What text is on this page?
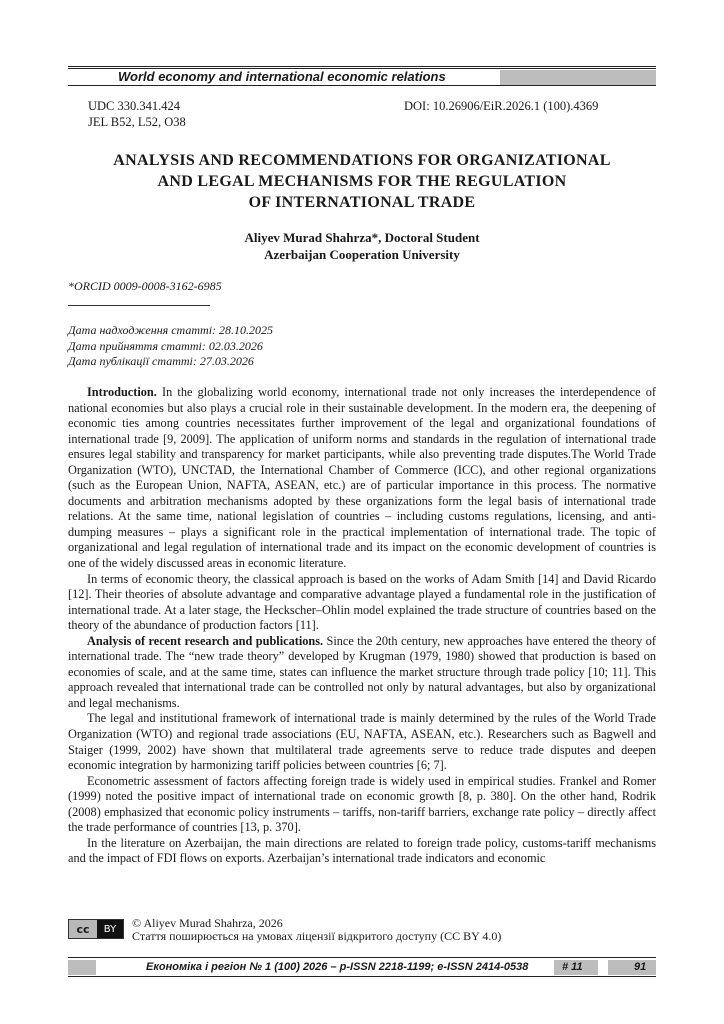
World economy and international economic relations
UDC 330.341.424
JEL B52, L52, O38
DOI: 10.26906/EiR.2026.1 (100).4369
ANALYSIS AND RECOMMENDATIONS FOR ORGANIZATIONAL
AND LEGAL MECHANISMS FOR THE REGULATION
OF INTERNATIONAL TRADE
Aliyev Murad Shahrza*, Doctoral Student
Azerbaijan Cooperation University
*ORCID 0009-0008-3162-6985
Дата надходження статті: 28.10.2025
Дата прийняття статті: 02.03.2026
Дата публікації статті: 27.03.2026

Introduction. In the globalizing world economy, international trade not only increases the interdependence of national economies but also plays a crucial role in their sustainable development. In the modern era, the deepening of economic ties among countries necessitates further improvement of the legal and organizational foundations of international trade [9, 2009]. The application of uniform norms and standards in the regulation of international trade ensures legal stability and transparency for market participants, while also preventing trade disputes.The World Trade Organization (WTO), UNCTAD, the International Chamber of Commerce (ICC), and other regional organizations (such as the European Union, NAFTA, ASEAN, etc.) are of particular importance in this process. The normative documents and arbitration mechanisms adopted by these organizations form the legal basis of international trade relations. At the same time, national legislation of countries – including customs regulations, licensing, and anti-dumping measures – plays a significant role in the practical implementation of international trade. The topic of organizational and legal regulation of international trade and its impact on the economic development of countries is one of the widely discussed areas in economic literature.

In terms of economic theory, the classical approach is based on the works of Adam Smith [14] and David Ricardo [12]. Their theories of absolute advantage and comparative advantage played a fundamental role in the justification of international trade. At a later stage, the Heckscher–Ohlin model explained the trade structure of countries based on the theory of the abundance of production factors [11].

Analysis of recent research and publications. Since the 20th century, new approaches have entered the theory of international trade. The “new trade theory” developed by Krugman (1979, 1980) showed that production is based on economies of scale, and at the same time, states can influence the market structure through trade policy [10; 11]. This approach revealed that international trade can be controlled not only by natural advantages, but also by organizational and legal mechanisms.

The legal and institutional framework of international trade is mainly determined by the rules of the World Trade Organization (WTO) and regional trade associations (EU, NAFTA, ASEAN, etc.). Researchers such as Bagwell and Staiger (1999, 2002) have shown that multilateral trade agreements serve to reduce trade disputes and deepen economic integration by harmonizing tariff policies between countries [6; 7].

Econometric assessment of factors affecting foreign trade is widely used in empirical studies. Frankel and Romer (1999) noted the positive impact of international trade on economic growth [8, p. 380]. On the other hand, Rodrik (2008) emphasized that economic policy instruments – tariffs, non-tariff barriers, exchange rate policy – directly affect the trade performance of countries [13, p. 370].

In the literature on Azerbaijan, the main directions are related to foreign trade policy, customs-tariff mechanisms and the impact of FDI flows on exports. Azerbaijan’s international trade indicators and economic

cc	BY	© Aliyev Murad Shahrza, 2026
Стаття поширюється на умовах ліцензії відкритого доступу (CC BY 4.0)
Економіка і регіон № 1 (100) 2026 – p-ISSN 2218-1199; e-ISSN 2414-0538	# 11	91
